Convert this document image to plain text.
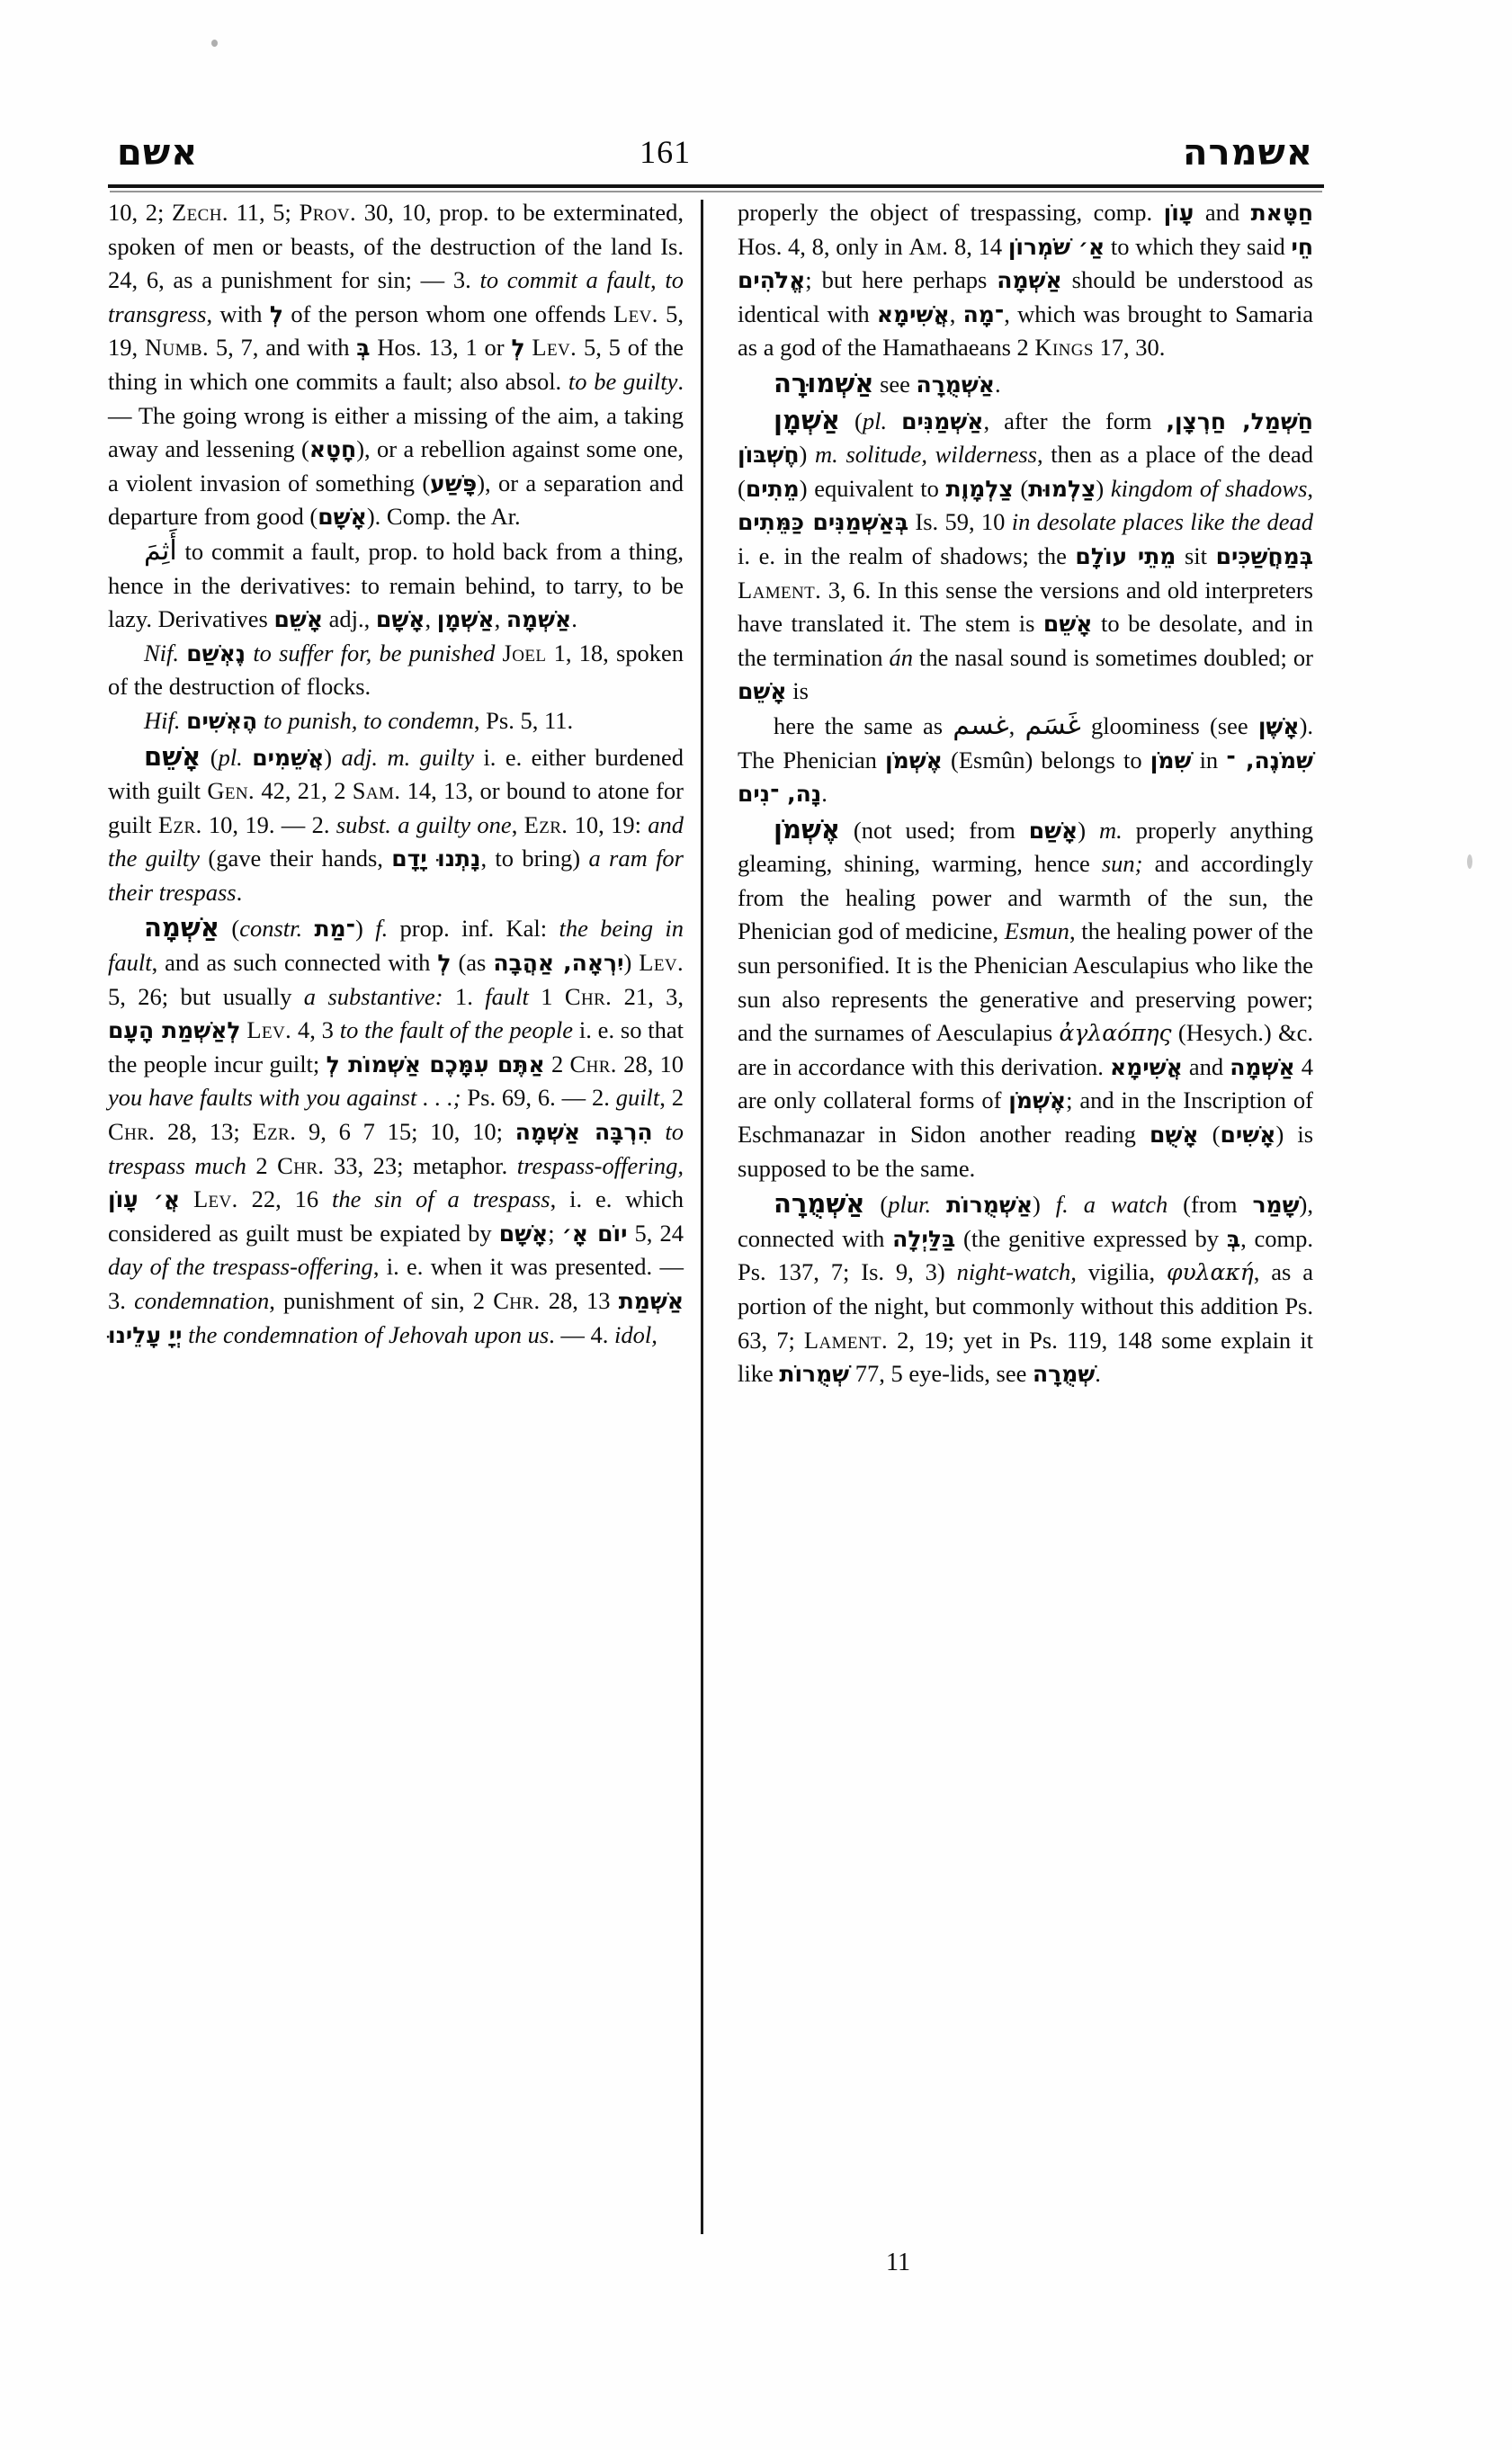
אשם	161	אשמרה

10, 2; Zech. 11, 5; Prov. 30, 10, prop. to be exterminated, spoken of men or beasts, of the destruction of the land Is. 24, 6, as a punishment for sin; — 3. to commit a fault, to transgress, with לְ of the person whom one offends Lev. 5, 19, Numb. 5, 7, and with בְּ Hos. 13, 1 or לְ Lev. 5, 5 of the thing in which one commits a fault; also absol. to be guilty. — The going wrong is either a missing of the aim, a taking away and lessening (חָטָא), or a rebellion against some one, a violent invasion of something (פָּשַׁע), or a separation and departure from good (אָשָׁם). Comp. the Ar.

أَثِمَ to commit a fault, prop. to hold back from a thing, hence in the derivatives: to remain behind, to tarry, to be lazy. Derivatives אָשֵׁם adj., אָשָׁם, אַשְׁמָן, אַשְׁמָה.

Nif. נֶאְשַׁם to suffer for, be punished Joel 1, 18, spoken of the destruction of flocks.

Hif. הֶאְשִׁים to punish, to condemn, Ps. 5, 11.

אָשֵׁם (pl. אֲשֵׁמִים) adj. m. guilty i. e. either burdened with guilt Gen. 42, 21, 2 Sam. 14, 13, or bound to atone for guilt Ezr. 10, 19. — 2. subst. a guilty one, Ezr. 10, 19: and the guilty (gave their hands, נָתְנוּ יָדָם, to bring) a ram for their trespass.

אַשְׁמָה (constr. ־מַת) f. prop. inf. Kal: the being in fault, and as such connected with לְ (as יִרְאָה, אַהֲבָה) Lev. 5, 26; but usually a substantive: 1. fault 1 Chr. 21, 3, לְאַשְׁמַת הָעָם Lev. 4, 3 to the fault of the people i. e. so that the people incur guilt; אַתֶּם עִמָּכֶם אַשְׁמוֹת לְ 2 Chr. 28, 10 you have faults with you against . . .; Ps. 69, 6. — 2. guilt, 2 Chr. 28, 13; Ezr. 9, 6 7 15; 10, 10; הִרְבָּה אַשְׁמָה to trespass much 2 Chr. 33, 23; metaphor. trespass-offering, אֲ׳ עָוֹן Lev. 22, 16 the sin of a trespass, i. e. which considered as guilt must be expiated by אָשָׁם; יוֹם אָ׳ 5, 24 day of the trespass-offering, i. e. when it was presented. — 3. condemnation, punishment of sin, 2 Chr. 28, 13 אַשְׁמַת יְיָ עָלֵינוּ the condemnation of Jehovah upon us. — 4. idol,

properly the object of trespassing, comp. עָוֹן and חַטָּאת Hos. 4, 8, only in Am. 8, 14 אַ׳ שֹׁמְרוֹן to which they said חֵי אֱלֹהִים; but here perhaps אַשְׁמָה should be understood as identical with אֲשִׁימָא, ־מָה, which was brought to Samaria as a god of the Hamathaeans 2 Kings 17, 30.

אַשְׁמוּרָה see אַשְׁמֻרָה.

אַשְׁמָן (pl. אַשְׁמַנִּים, after the form חַשְׁמַל, חַרְצָן, חֶשְׁבּוֹן) m. solitude, wilderness, then as a place of the dead (מֵתִים) equivalent to צַלְמָוֶת (צַלְמוּת) kingdom of shadows, בְּאַשְׁמַנִּים כַּמֵּתִים Is. 59, 10 in desolate places like the dead i. e. in the realm of shadows; the מֵתֵי עוֹלָם sit בְּמַחֲשַׁכִּים Lament. 3, 6. In this sense the versions and old interpreters have translated it. The stem is אָשֵׁם to be desolate, and in the termination án the nasal sound is sometimes doubled; or אָשֵׁם is

here the same as غسم, غَسَم gloominess (see אָשֶׁן). The Phenician אֶשְׁמֹן (Esmûn) belongs to שִׁמֹן in שִׁמֹנֶה, ־נָה, ־נִים.

אֶשְׁמֹן (not used; from אָשַׁם) m. properly anything gleaming, shining, warming, hence sun; and accordingly from the healing power and warmth of the sun, the Phenician god of medicine, Esmun, the healing power of the sun personified. It is the Phenician Aesculapius who like the sun also represents the generative and preserving power; and the surnames of Aesculapius ἀγλαόπης (Hesych.) &c. are in accordance with this derivation. אֲשִׁימָא and אַשְׁמָה 4 are only collateral forms of אֶשְׁמֹן; and in the Inscription of Eschmanazar in Sidon another reading אָשֻׁם (אָשִׁים) is supposed to be the same.

אַשְׁמֻרָה (plur. אַשְׁמֻרוֹת) f. a watch (from שָׁמַר), connected with בַּלַּיְלָה (the genitive expressed by בְּ, comp. Ps. 137, 7; Is. 9, 3) night-watch, vigilia, φυλακή, as a portion of the night, but commonly without this addition Ps. 63, 7; Lament. 2, 19; yet in Ps. 119, 148 some explain it like שְׁמֻרוֹת 77, 5 eye-lids, see שְׁמֻרָה.

11
